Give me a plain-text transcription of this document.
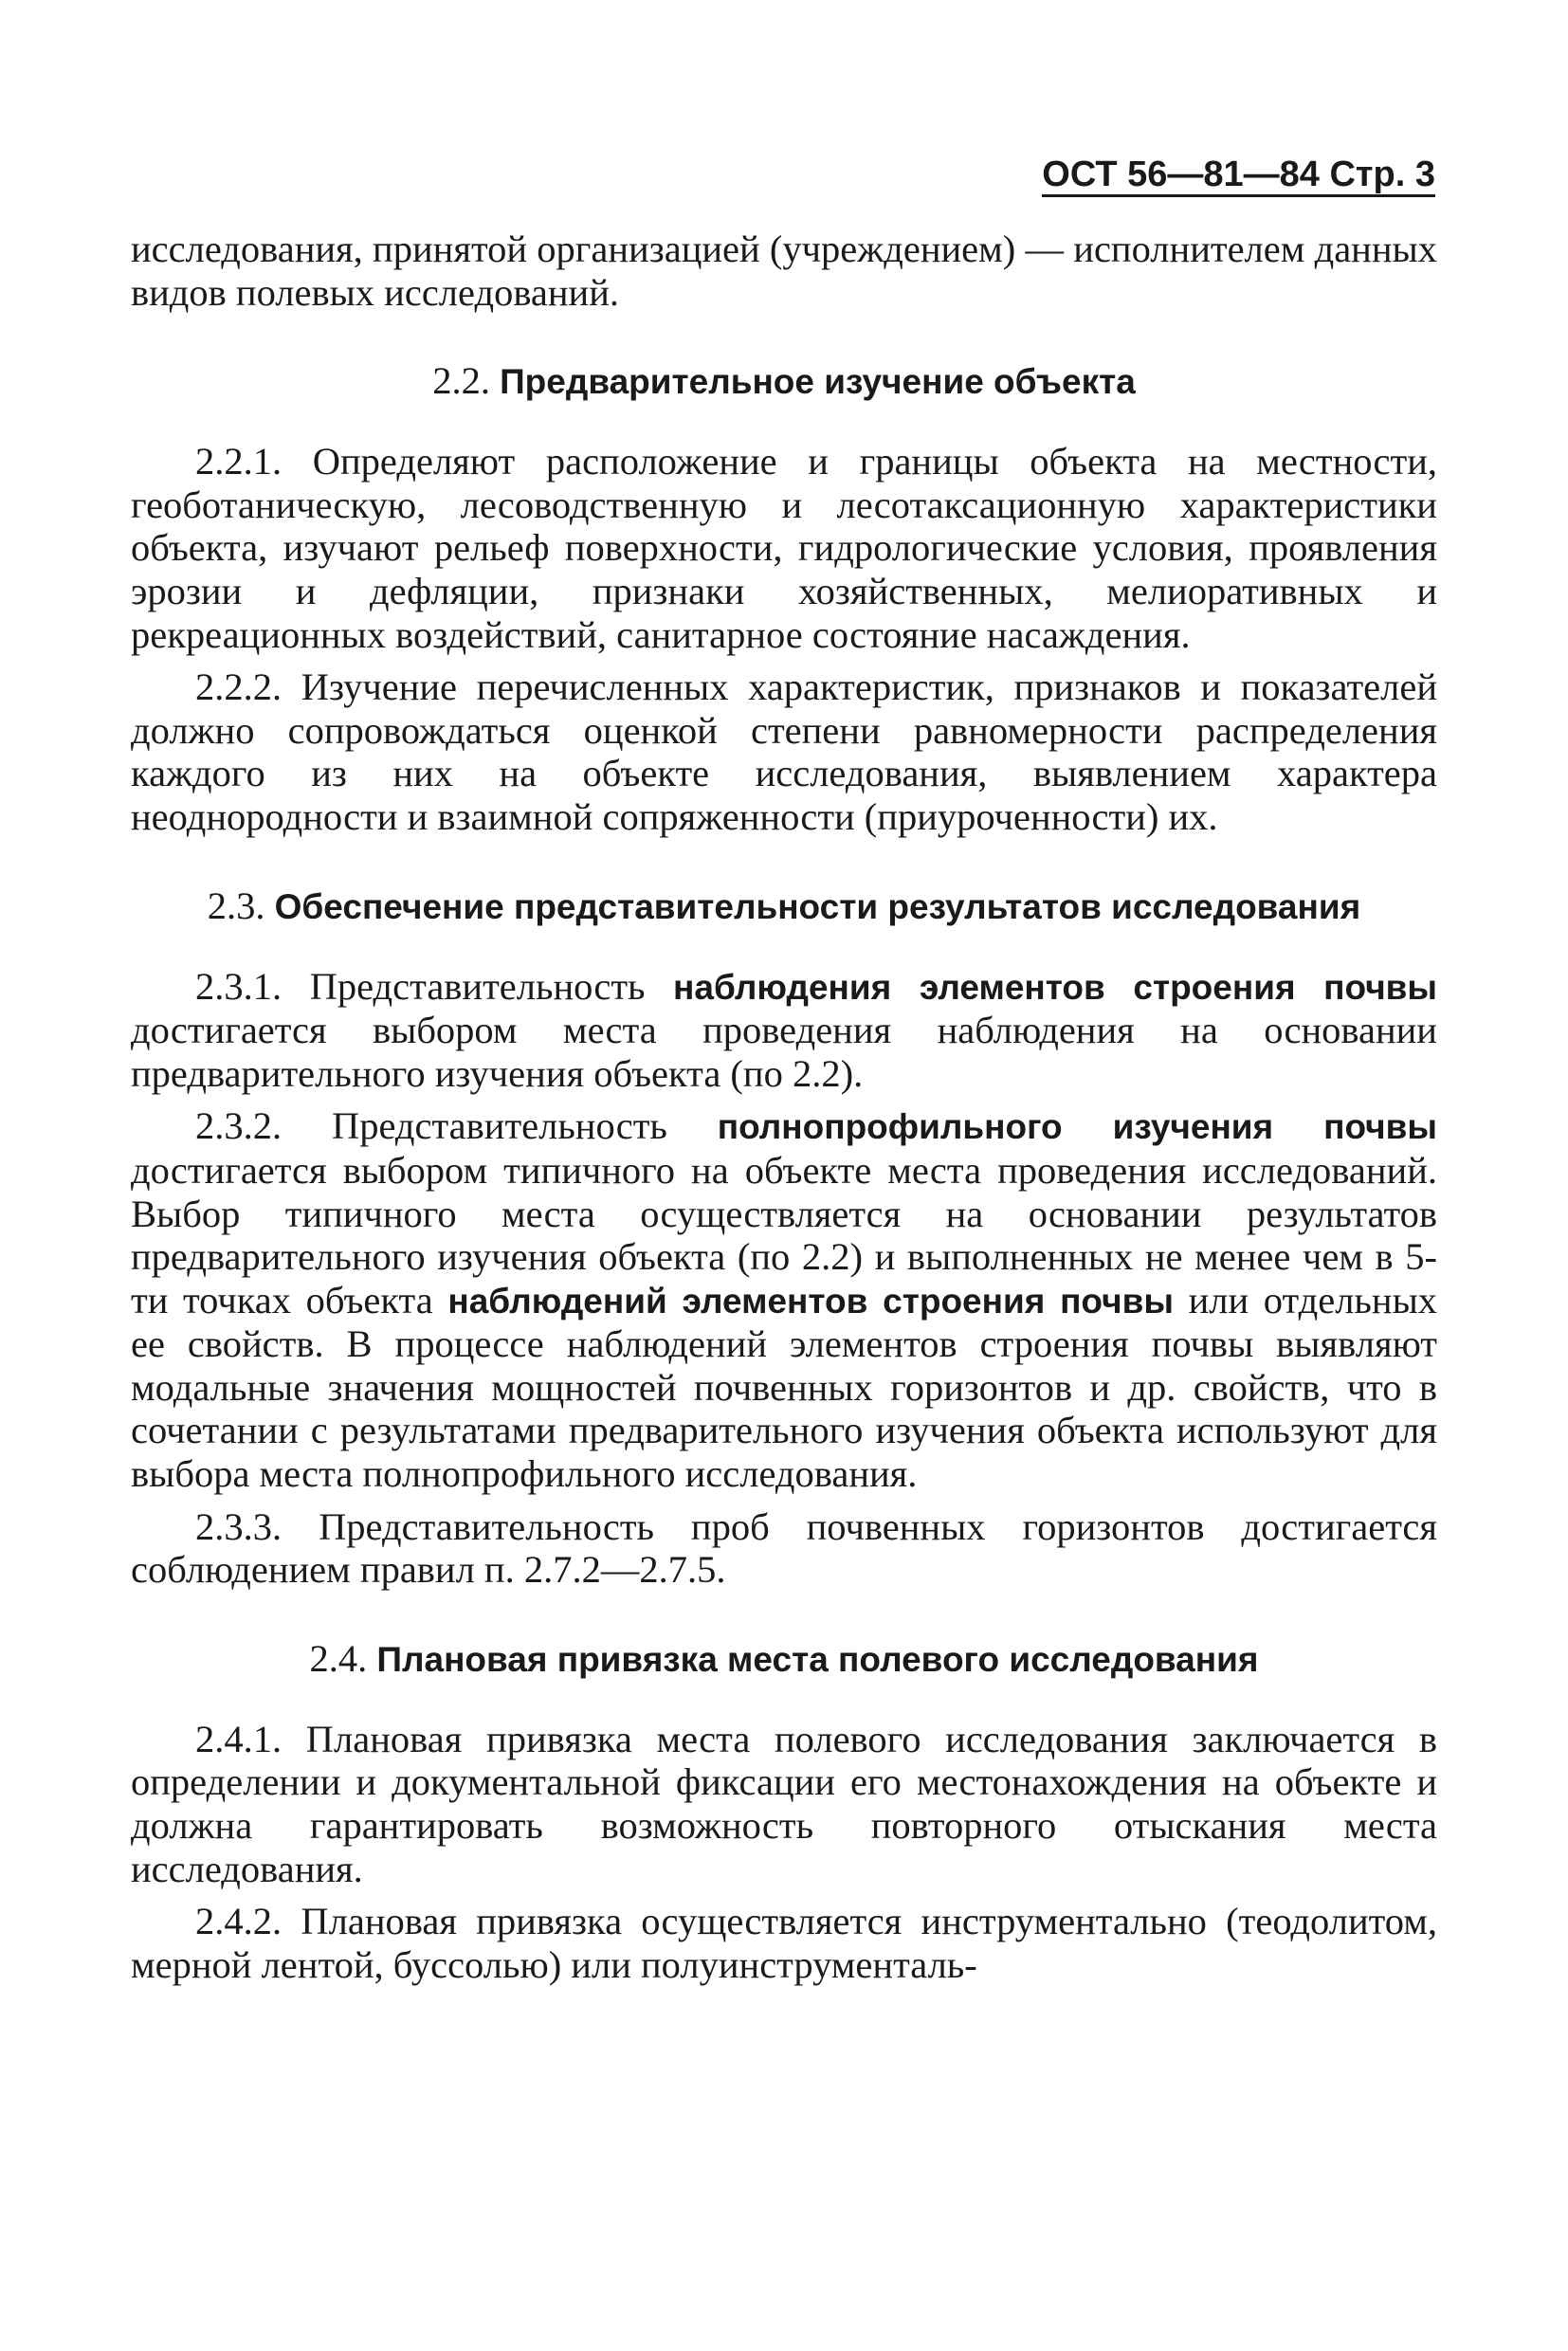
ОСТ 56—81—84 Стр. 3

исследования, принятой организацией (учреждением) — исполнителем данных видов полевых исследований.

2.2. Предварительное изучение объекта

2.2.1. Определяют расположение и границы объекта на местности, геоботаническую, лесоводственную и лесотаксационную характеристики объекта, изучают рельеф поверхности, гидрологические условия, проявления эрозии и дефляции, признаки хозяйственных, мелиоративных и рекреационных воздействий, санитарное состояние насаждения.

2.2.2. Изучение перечисленных характеристик, признаков и показателей должно сопровождаться оценкой степени равномерности распределения каждого из них на объекте исследования, выявлением характера неоднородности и взаимной сопряженности (приуроченности) их.

2.3. Обеспечение представительности результатов исследования

2.3.1. Представительность наблюдения элементов строения почвы достигается выбором места проведения наблюдения на основании предварительного изучения объекта (по 2.2).

2.3.2. Представительность полнопрофильного изучения почвы достигается выбором типичного на объекте места проведения исследований. Выбор типичного места осуществляется на основании результатов предварительного изучения объекта (по 2.2) и выполненных не менее чем в 5-ти точках объекта наблюдений элементов строения почвы или отдельных ее свойств. В процессе наблюдений элементов строения почвы выявляют модальные значения мощностей почвенных горизонтов и др. свойств, что в сочетании с результатами предварительного изучения объекта используют для выбора места полнопрофильного исследования.

2.3.3. Представительность проб почвенных горизонтов достигается соблюдением правил п. 2.7.2—2.7.5.

2.4. Плановая привязка места полевого исследования

2.4.1. Плановая привязка места полевого исследования заключается в определении и документальной фиксации его местонахождения на объекте и должна гарантировать возможность повторного отыскания места исследования.

2.4.2. Плановая привязка осуществляется инструментально (теодолитом, мерной лентой, буссолью) или полуинструменталь-
